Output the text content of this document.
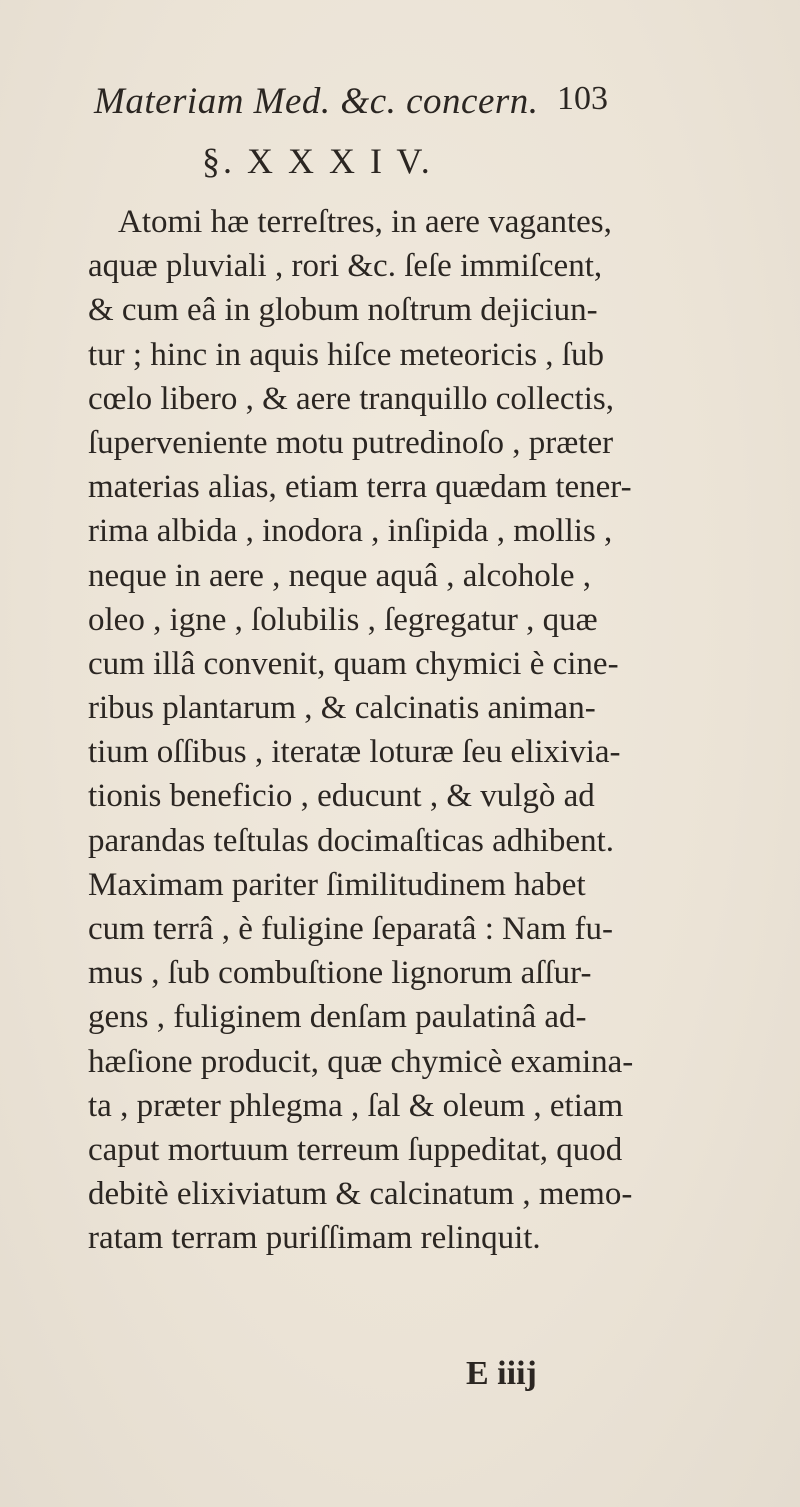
Materiam Med. &c. concern. 103
§. X X X I V.
Atomi hæ terreſtres, in aere vagantes,
aquæ pluviali , rori &c. ſeſe immiſcent,
& cum eâ in globum noſtrum dejiciun-
tur ; hinc in aquis hiſce meteoricis , ſub
cœlo libero , & aere tranquillo collectis,
ſuperveniente motu putredinoſo , præter
materias alias, etiam terra quædam tener-
rima albida , inodora , inſipida , mollis ,
neque in aere , neque aquâ , alcohole ,
oleo , igne , ſolubilis , ſegregatur , quæ
cum illâ convenit, quam chymici è cine-
ribus plantarum , & calcinatis animan-
tium oſſibus , iteratæ loturæ ſeu elixivia-
tionis beneficio , educunt , & vulgò ad
parandas teſtulas docimaſticas adhibent.
Maximam pariter ſimilitudinem habet
cum terrâ , è fuligine ſeparatâ : Nam fu-
mus , ſub combuſtione lignorum aſſur-
gens , fuliginem denſam paulatinâ ad-
hæſione producit, quæ chymicè examina-
ta , præter phlegma , ſal & oleum , etiam
caput mortuum terreum ſuppeditat, quod
debitè elixiviatum & calcinatum , memo-
ratam terram puriſſimam relinquit.
E iiij
